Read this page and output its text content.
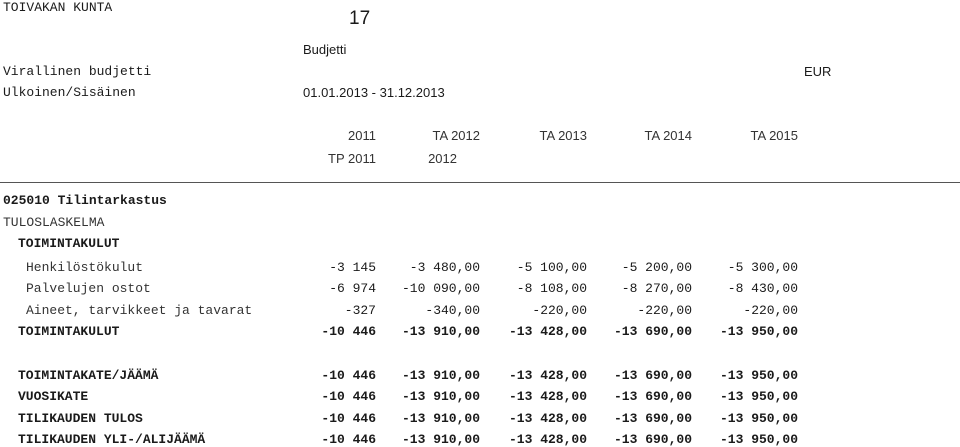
TOIVAKAN KUNTA
17
Budjetti
Virallinen budjetti	EUR
Ulkoinen/Sisäinen	01.01.2013 - 31.12.2013
2011	TA 2012	TA 2013	TA 2014	TA 2015
TP 2011	2012
025010 Tilintarkastus
TULOSLASKELMA
TOIMINTAKULUT
Henkilöstökulut	-3 145	-3 480,00	-5 100,00	-5 200,00	-5 300,00
Palvelujen ostot	-6 974	-10 090,00	-8 108,00	-8 270,00	-8 430,00
Aineet, tarvikkeet ja tavarat	-327	-340,00	-220,00	-220,00	-220,00
TOIMINTAKULUT	-10 446	-13 910,00	-13 428,00	-13 690,00	-13 950,00
TOIMINTAKATE/JÄÄMÄ	-10 446	-13 910,00	-13 428,00	-13 690,00	-13 950,00
VUOSIKATE	-10 446	-13 910,00	-13 428,00	-13 690,00	-13 950,00
TILIKAUDEN TULOS	-10 446	-13 910,00	-13 428,00	-13 690,00	-13 950,00
TILIKAUDEN YLI-/ALIJÄÄMÄ	-10 446	-13 910,00	-13 428,00	-13 690,00	-13 950,00
